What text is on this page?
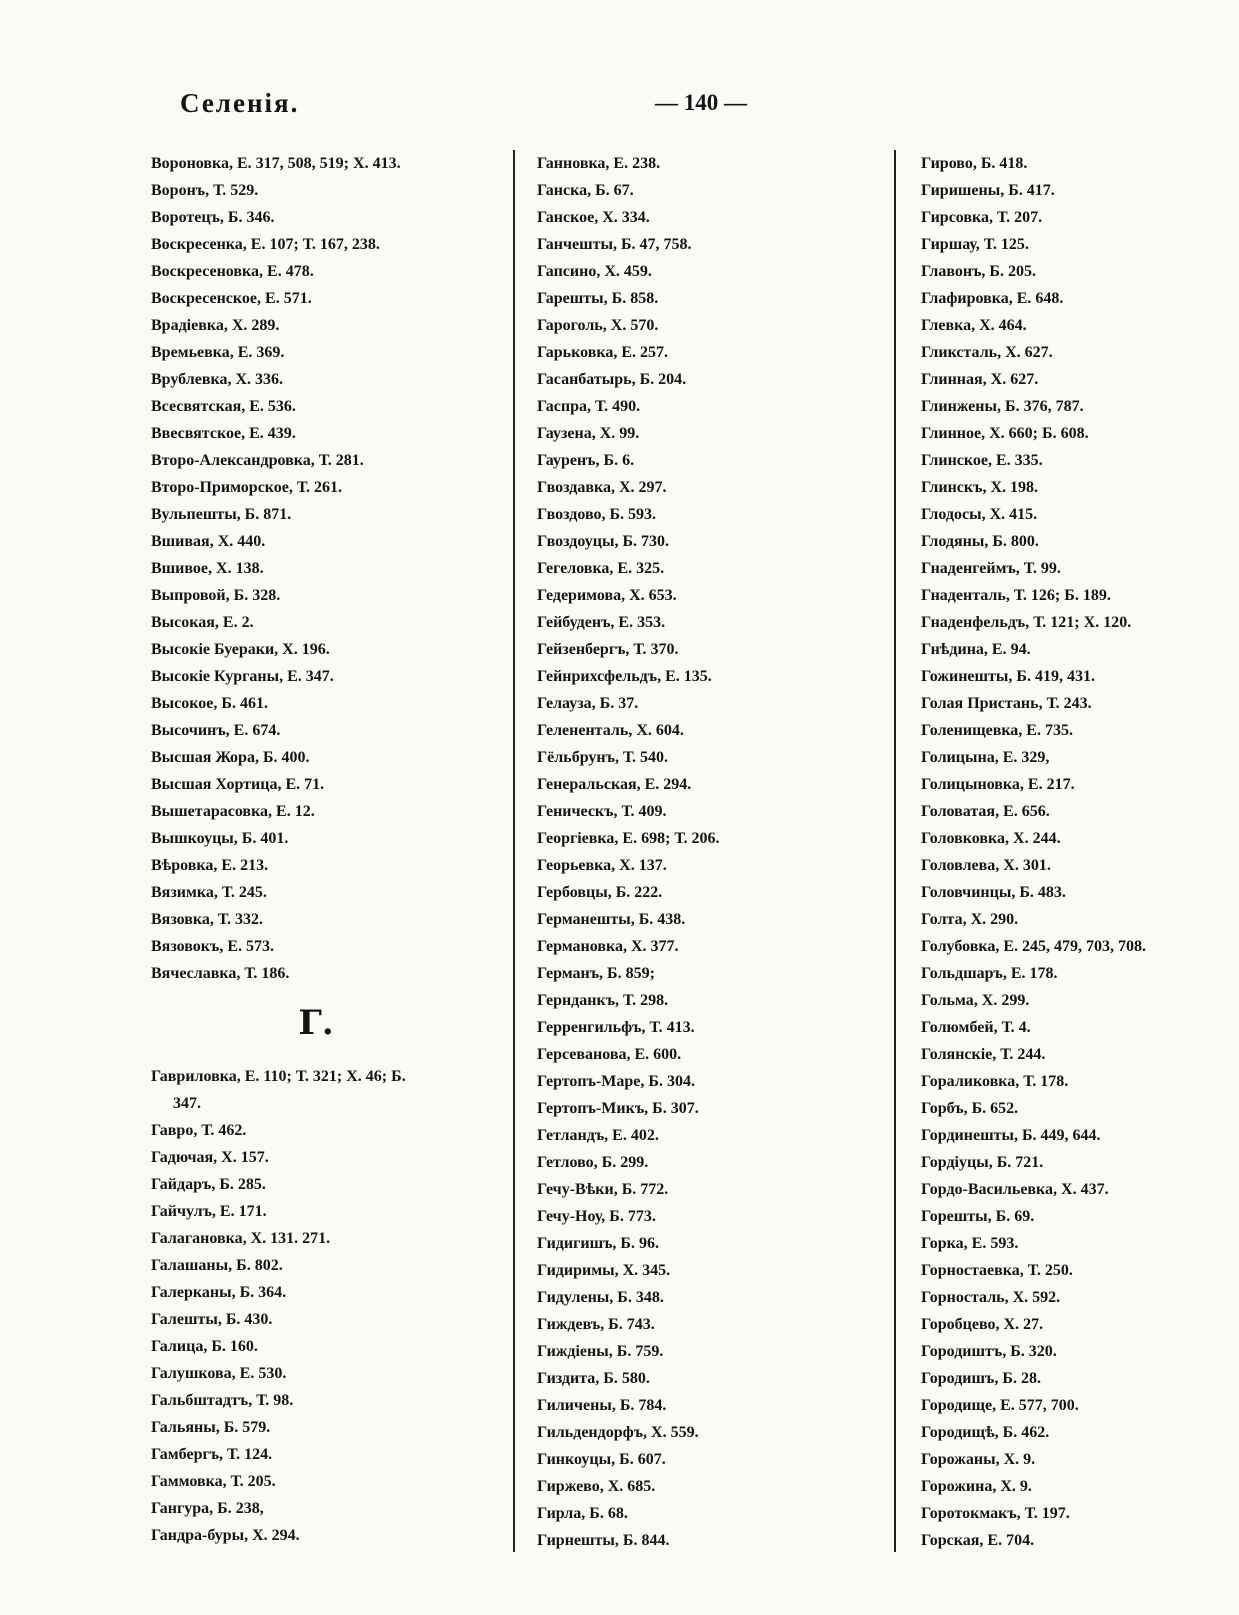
Селенія.	— 140 —
Вороновка, Е. 317, 508, 519; Х. 413.
Воронъ, Т. 529.
Воротецъ, Б. 346.
Воскресенка, Е. 107; Т. 167, 238.
Воскресеновка, Е. 478.
Воскресенское, Е. 571.
Врадіевка, Х. 289.
Времьевка, Е. 369.
Врублевка, Х. 336.
Всесвятская, Е. 536.
Ввесвятское, Е. 439.
Второ-Александровка, Т. 281.
Второ-Приморское, Т. 261.
Вульпешты, Б. 871.
Вшивая, Х. 440.
Вшивое, Х. 138.
Выпровой, Б. 328.
Высокая, Е. 2.
Высокіе Буераки, Х. 196.
Высокіе Курганы, Е. 347.
Высокое, Б. 461.
Высочинъ, Е. 674.
Высшая Жора, Б. 400.
Высшая Хортица, Е. 71.
Вышетарасовка, Е. 12.
Вышкоуцы, Б. 401.
Вѣровка, Е. 213.
Вязимка, Т. 245.
Вязовка, Т. 332.
Вязовокъ, Е. 573.
Вячеславка, Т. 186.
Г.
Гавриловка, Е. 110; Т. 321; Х. 46; Б.
347.
Гавро, Т. 462.
Гадючая, Х. 157.
Гайдаръ, Б. 285.
Гайчулъ, Е. 171.
Галагановка, Х. 131. 271.
Галашаны, Б. 802.
Галерканы, Б. 364.
Галешты, Б. 430.
Галица, Б. 160.
Галушкова, Е. 530.
Гальбштадтъ, Т. 98.
Гальяны, Б. 579.
Гамбергъ, Т. 124.
Гаммовка, Т. 205.
Гангура, Б. 238,
Гандра-буры, Х. 294.
Ганновка, Е. 238.
Ганска, Б. 67.
Ганское, Х. 334.
Ганчешты, Б. 47, 758.
Гапсино, Х. 459.
Гарешты, Б. 858.
Гароголь, Х. 570.
Гарьковка, Е. 257.
Гасанбатырь, Б. 204.
Гаспра, Т. 490.
Гаузена, Х. 99.
Гауренъ, Б. 6.
Гвоздавка, Х. 297.
Гвоздово, Б. 593.
Гвоздоуцы, Б. 730.
Гегеловка, Е. 325.
Гедеримова, Х. 653.
Гейбуденъ, Е. 353.
Гейзенбергъ, Т. 370.
Гейнрихсфельдъ, Е. 135.
Гелауза, Б. 37.
Гелененталь, Х. 604.
Гёльбрунъ, Т. 540.
Генеральская, Е. 294.
Геническъ, Т. 409.
Георгіевка, Е. 698; Т. 206.
Георьевка, Х. 137.
Гербовцы, Б. 222.
Германешты, Б. 438.
Германовка, Х. 377.
Германъ, Б. 859;
Гернданкъ, Т. 298.
Герренгильфъ, Т. 413.
Герсеванова, Е. 600.
Гертопъ-Маре, Б. 304.
Гертопъ-Микъ, Б. 307.
Гетландъ, Е. 402.
Гетлово, Б. 299.
Гечу-Вѣки, Б. 772.
Гечу-Ноу, Б. 773.
Гидигишъ, Б. 96.
Гидиримы, Х. 345.
Гидулены, Б. 348.
Гиждевъ, Б. 743.
Гиждіены, Б. 759.
Гиздита, Б. 580.
Гиличены, Б. 784.
Гильдендорфъ, Х. 559.
Гинкоуцы, Б. 607.
Гиржево, Х. 685.
Гирла, Б. 68.
Гирнешты, Б. 844.
Гирово, Б. 418.
Гиришены, Б. 417.
Гирсовка, Т. 207.
Гиршау, Т. 125.
Главонъ, Б. 205.
Глафировка, Е. 648.
Глевка, Х. 464.
Гликсталь, Х. 627.
Глинная, Х. 627.
Глинжены, Б. 376, 787.
Глинное, Х. 660; Б. 608.
Глинское, Е. 335.
Глинскъ, Х. 198.
Глодосы, Х. 415.
Глодяны, Б. 800.
Гнаденгеймъ, Т. 99.
Гнаденталь, Т. 126; Б. 189.
Гнаденфельдъ, Т. 121; Х. 120.
Гнѣдина, Е. 94.
Гожинешты, Б. 419, 431.
Голая Пристань, Т. 243.
Голенищевка, Е. 735.
Голицына, Е. 329,
Голицыновка, Е. 217.
Головатая, Е. 656.
Головковка, Х. 244.
Головлева, Х. 301.
Головчинцы, Б. 483.
Голта, Х. 290.
Голубовка, Е. 245, 479, 703, 708.
Гольдшаръ, Е. 178.
Гольма, Х. 299.
Голюмбей, Т. 4.
Голянскіе, Т. 244.
Гораликовка, Т. 178.
Горбъ, Б. 652.
Гординешты, Б. 449, 644.
Гордіуцы, Б. 721.
Гордо-Васильевка, Х. 437.
Горешты, Б. 69.
Горка, Е. 593.
Горностаевка, Т. 250.
Горносталь, Х. 592.
Горобцево, Х. 27.
Городиштъ, Б. 320.
Городишъ, Б. 28.
Городище, Е. 577, 700.
Городищѣ, Б. 462.
Горожаны, Х. 9.
Горожина, Х. 9.
Горотокмакъ, Т. 197.
Горская, Е. 704.
